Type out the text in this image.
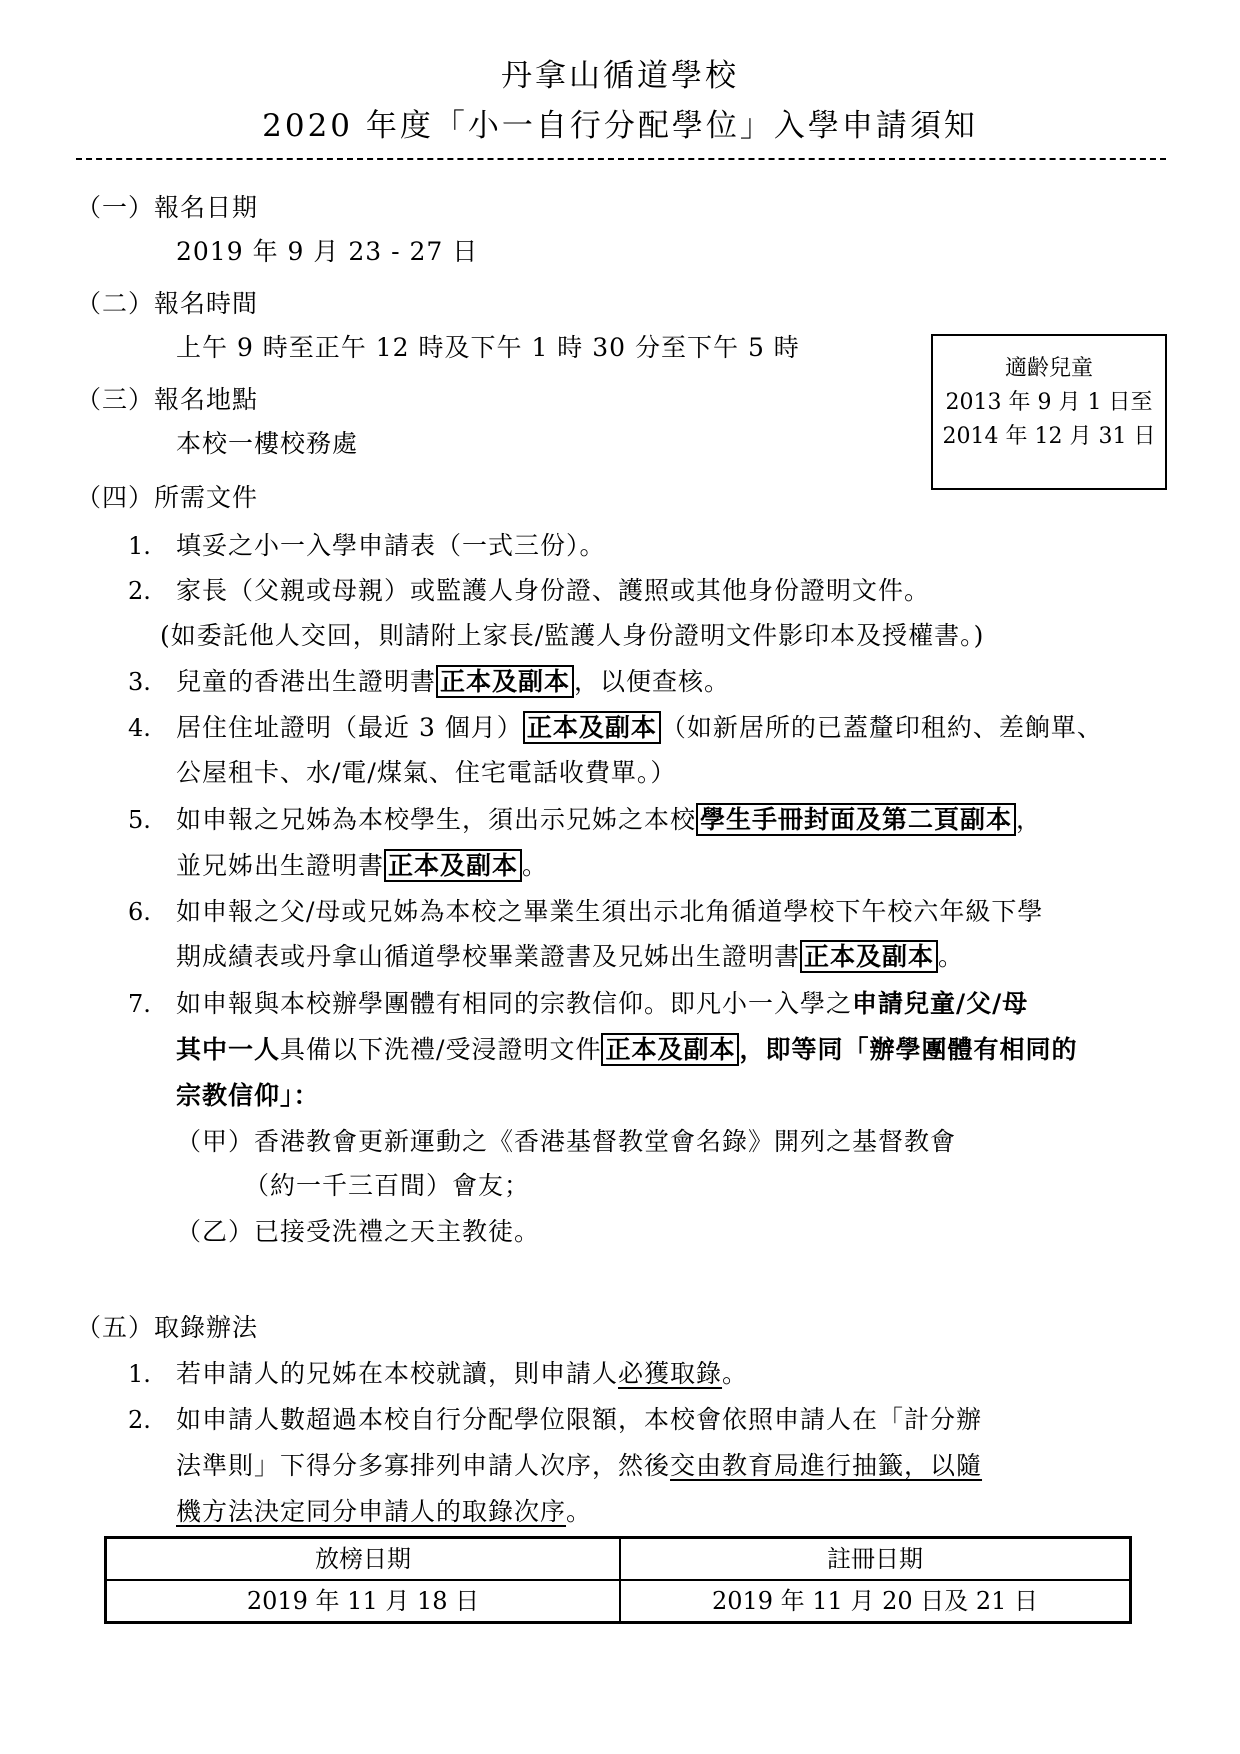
丹拿山循道學校
2020 年度「小一自行分配學位」入學申請須知
（一）報名日期
2019 年 9 月 23 - 27 日
（二）報名時間
上午 9 時至正午 12 時及下午 1 時 30 分至下午 5 時
（三）報名地點
本校一樓校務處
適齡兒童
2013 年 9 月 1 日至
2014 年 12 月 31 日
（四）所需文件
1. 填妥之小一入學申請表（一式三份）。
2. 家長（父親或母親）或監護人身份證、護照或其他身份證明文件。
(如委託他人交回，則請附上家長/監護人身份證明文件影印本及授權書。)
3. 兒童的香港出生證明書 正本及副本 ，以便查核。
4. 居住住址證明（最近 3 個月） 正本及副本 （如新居所的已蓋釐印租約、差餉單、
公屋租卡、水/電/煤氣、住宅電話收費單。）
5. 如申報之兄姊為本校學生，須出示兄姊之本校 學生手冊封面及第二頁副本 ，
並兄姊出生證明書 正本及副本 。
6. 如申報之父/母或兄姊為本校之畢業生須出示北角循道學校下午校六年級下學
期成績表或丹拿山循道學校畢業證書及兄姊出生證明書 正本及副本 。
7. 如申報與本校辦學團體有相同的宗教信仰。即凡小一入學之申請兒童/父/母
其中一人具備以下洗禮/受浸證明文件 正本及副本 ，即等同「辦學團體有相同的
宗教信仰」：
（甲）香港教會更新運動之《香港基督教堂會名錄》開列之基督教會
（約一千三百間）會友；
（乙）已接受洗禮之天主教徒。
（五）取錄辦法
1. 若申請人的兄姊在本校就讀，則申請人必獲取錄。
2. 如申請人數超過本校自行分配學位限額，本校會依照申請人在「計分辦
法準則」下得分多寡排列申請人次序，然後交由教育局進行抽籤，以隨
機方法決定同分申請人的取錄次序。
放榜日期	註冊日期
2019 年 11 月 18 日	2019 年 11 月 20 日及 21 日
